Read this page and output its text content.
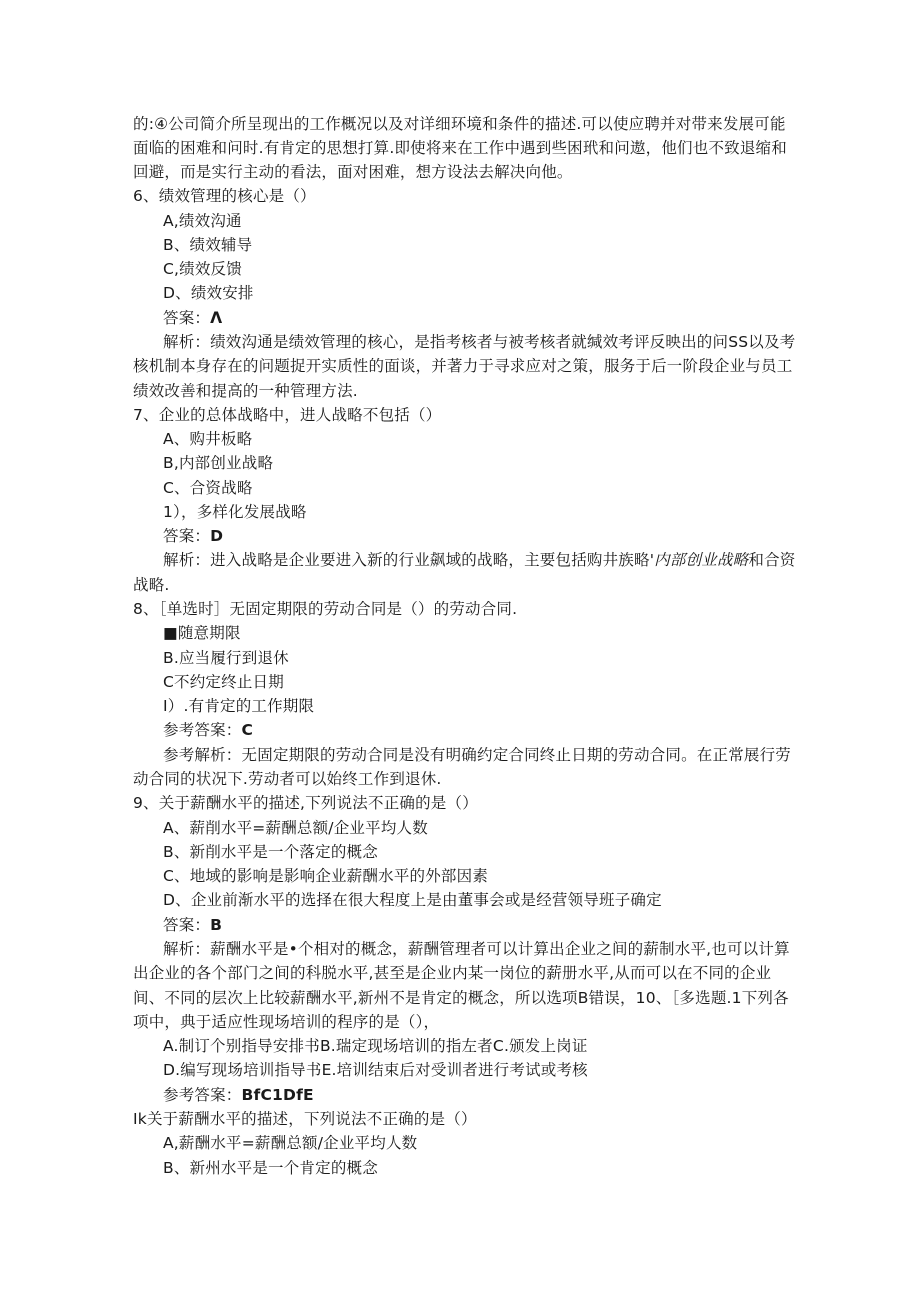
的:④公司简介所呈现出的工作概况以及对详细环境和条件的描述.可以使应聘并对带来发展可能
面临的困难和问时.有肯定的思想打算.即使将来在工作中遇到些困玳和问遨，他们也不致退缩和
回避，而是实行主动的看法，面对困难，想方设法去解决向他。
6、绩效管理的核心是（）
A,绩效沟通
B、绩效辅导
C,绩效反馈
D、绩效安排
答案：Λ
解析：绩效沟通是绩效管理的核心，是指考核者与被考核者就缄效考评反映出的问SS以及考
核机制本身存在的问题捉开实质性的面谈，并著力于寻求应对之策，服务于后一阶段企业与员工
绩效改善和提高的一种管理方法.
7、企业的总体战略中，进人战略不包括（）
A、购井板略
B,内部创业战略
C、合资战略
1），多样化发展战略
答案：D
解析：进入战略是企业要进入新的行业飙域的战略，主要包括购井族略'内部创业战略和合资
战略.
8、［单选时］无固定期限的劳动合同是（）的劳动合同.
■随意期限
B.应当履行到退休
C不约定终止日期
I）.有肯定的工作期限
参考答案：C
参考解析：无固定期限的劳动合同是没有明确约定合同终止日期的劳动合同。在正常展行劳
动合同的状况下.劳动者可以始终工作到退休.
9、关于薪酬水平的描述,下列说法不正确的是（）
A、薪削水平=薪酬总额/企业平均人数
B、新削水平是一个落定的概念
C、地域的影响是影响企业薪酬水平的外部因素
D、企业前渐水平的选择在很大程度上是由董事会或是经营领导班子确定
答案：B
解析：薪酬水平是•个相对的概念，薪酬管理者可以计算出企业之间的薪制水平,也可以计算
出企业的各个部门之间的科脱水平,甚至是企业内某一岗位的薪册水平,从而可以在不同的企业
间、不同的层次上比较薪酬水平,新州不是肯定的概念，所以选项B错误，10、［多选题.1下列各
项中，典于适应性现场培训的程序的是（），
A.制订个别指导安排书B.瑞定现场培训的指左者C.颁发上岗证
D.编写现场培训指导书E.培训结束后对受训者进行考试或考核
参考答案：BfC1DfE
Ik关于薪酬水平的描述，下列说法不正确的是（）
A,薪酬水平=薪酬总额/企业平均人数
B、新州水平是一个肯定的概念
